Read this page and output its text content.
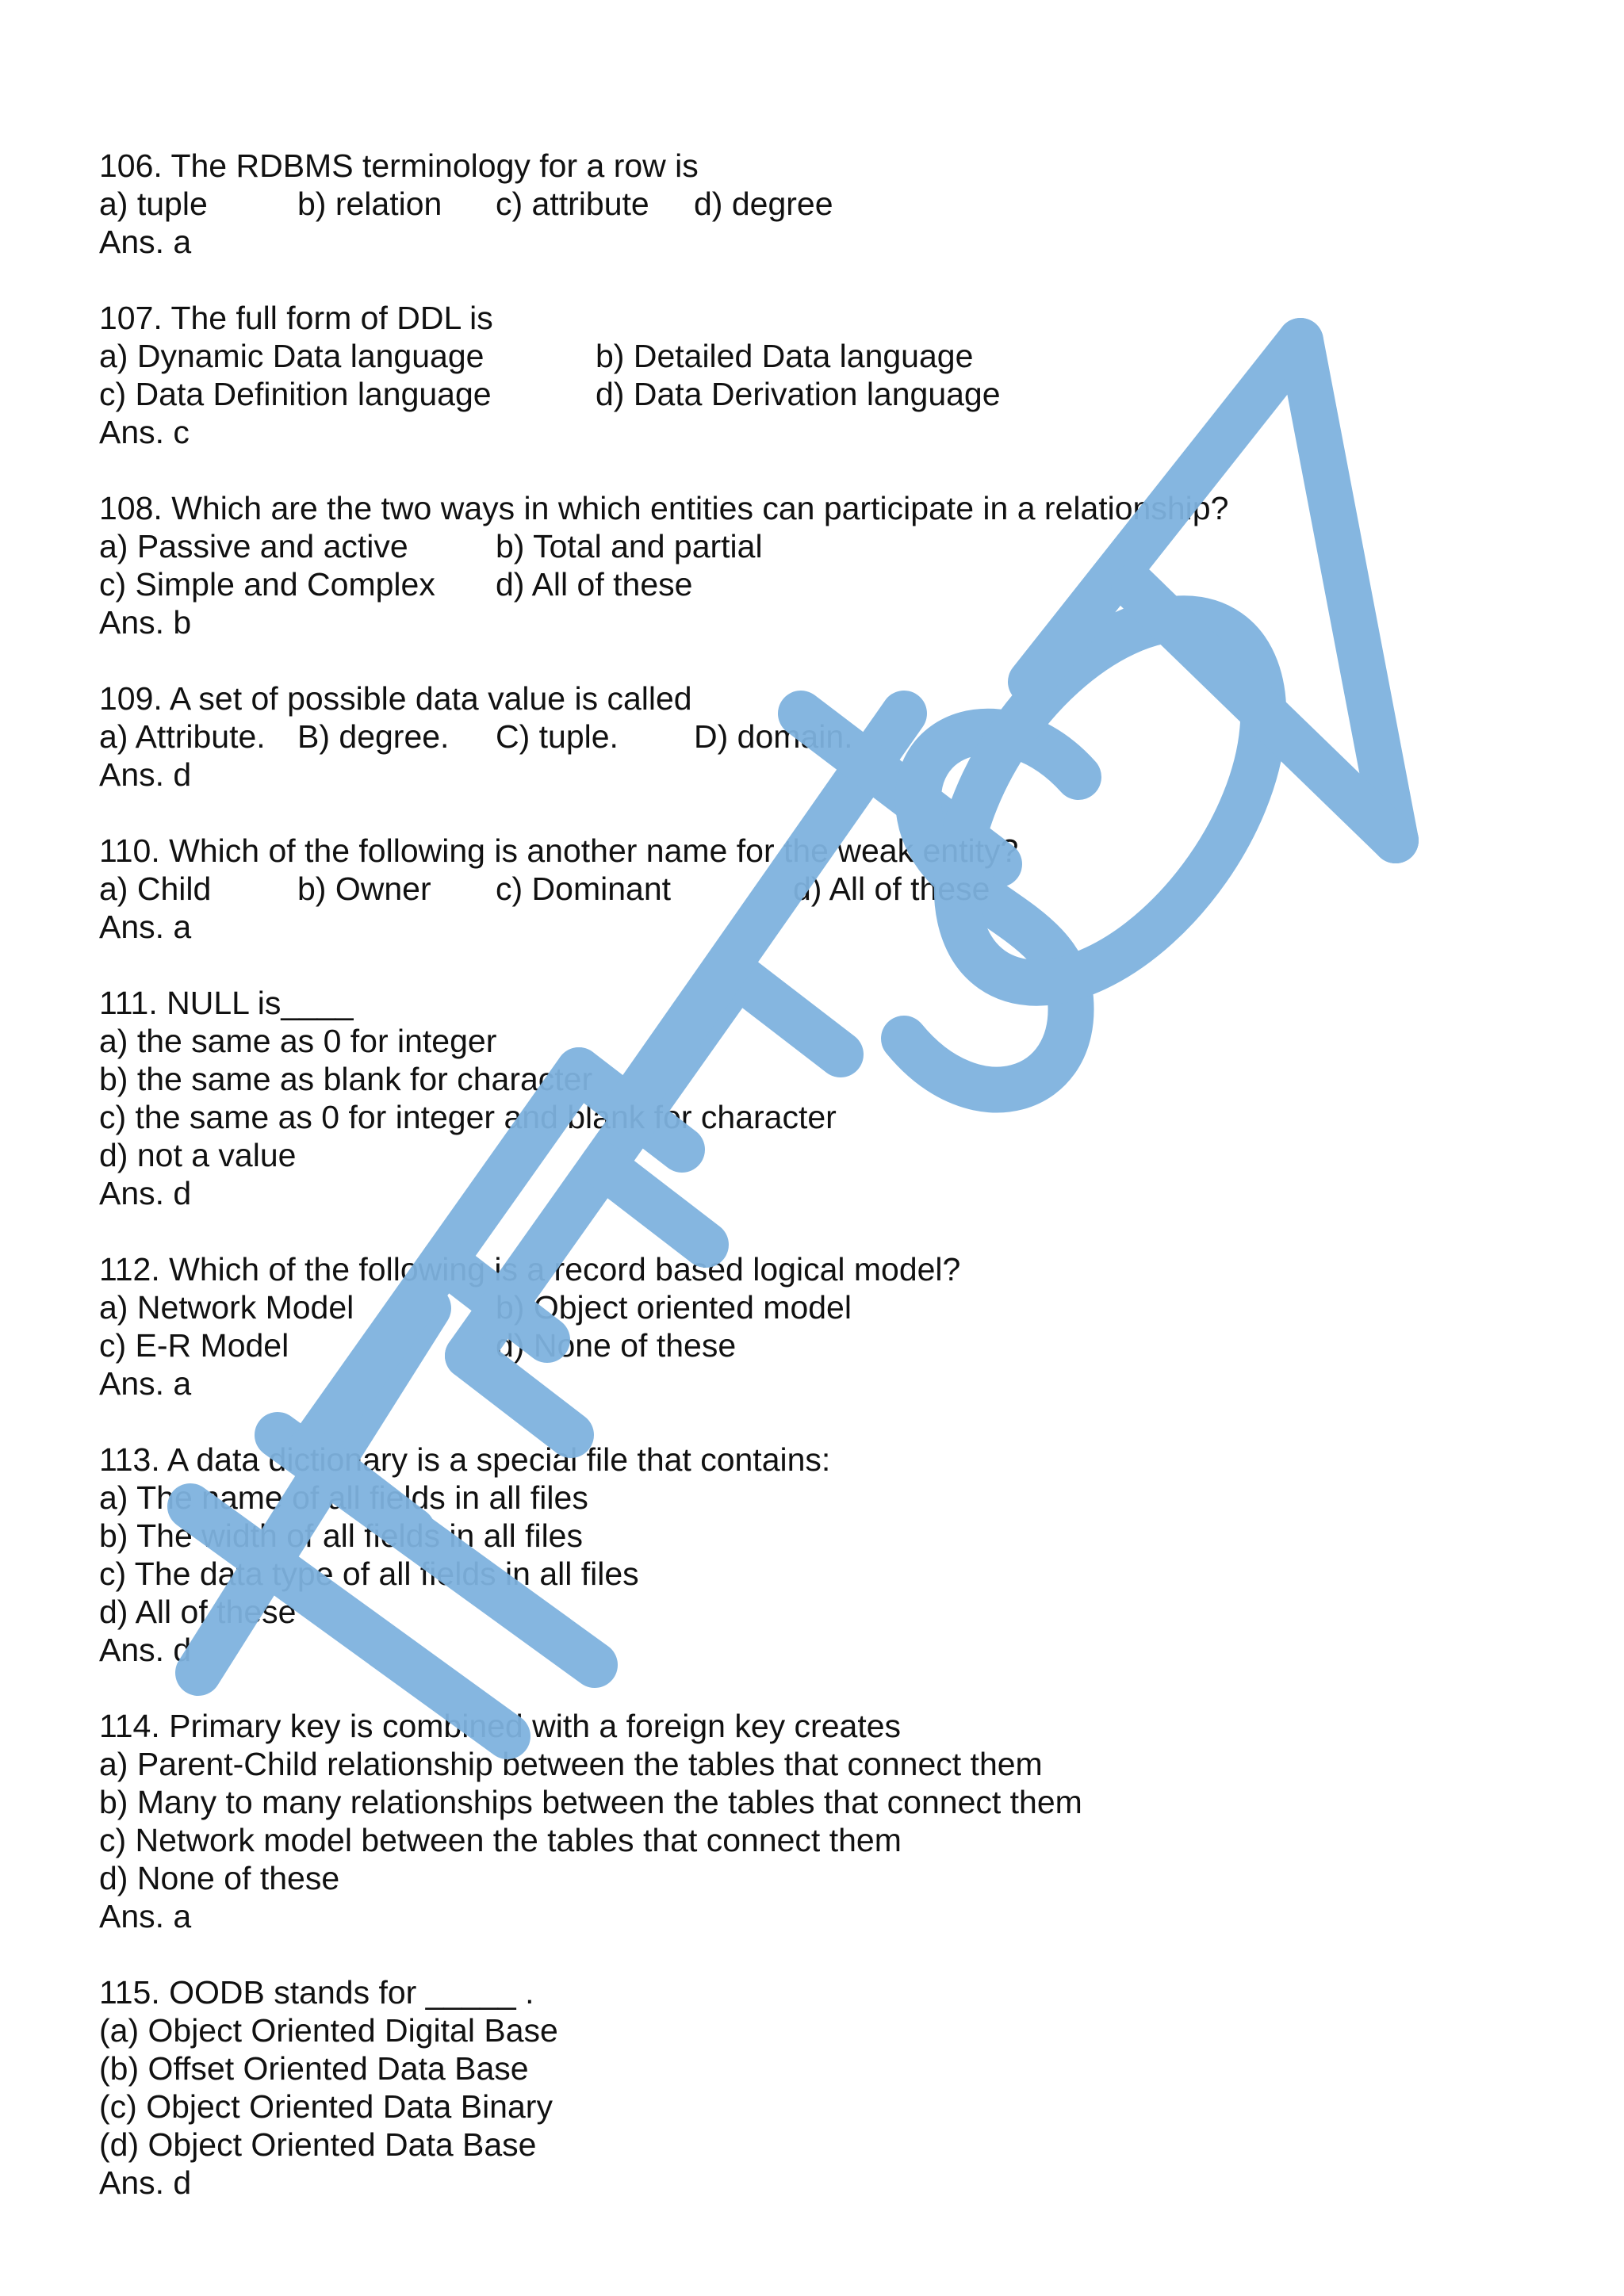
106. The RDBMS terminology for a row is
a) tuple	b) relation	c) attribute	d) degree
Ans. a
107. The full form of DDL is
a) Dynamic Data language	b) Detailed Data language
c) Data Definition language	d) Data Derivation language
Ans. c
108. Which are the two ways in which entities can participate in a relationship?
a) Passive and active	b) Total and partial
c) Simple and Complex	d) All of these
Ans. b
109. A set of possible data value is called
a) Attribute. B) degree.	C) tuple.	D) domain.
Ans. d
110. Which of the following is another name for the weak entity?
a) Child	b) Owner	c) Dominant	d) All of these
Ans. a
111. NULL is____
a) the same as 0 for integer
b) the same as blank for character
c) the same as 0 for integer and blank for character
d) not a value
Ans. d
112. Which of the following is a record based logical model?
a) Network Model	b) Object oriented model
c) E-R Model	d) None of these
Ans. a
113. A data dictionary is a special file that contains:
a) The name of all fields in all files
b) The width of all fields in all files
c) The data type of all fields in all files
d) All of these
Ans. d
114. Primary key is combined with a foreign key creates
a) Parent-Child relationship between the tables that connect them
b) Many to many relationships between the tables that connect them
c) Network model between the tables that connect them
d) None of these
Ans. a
115. OODB stands for _____ .
(a) Object Oriented Digital Base
(b) Offset Oriented Data Base
(c) Object Oriented Data Binary
(d) Object Oriented Data Base
Ans. d
